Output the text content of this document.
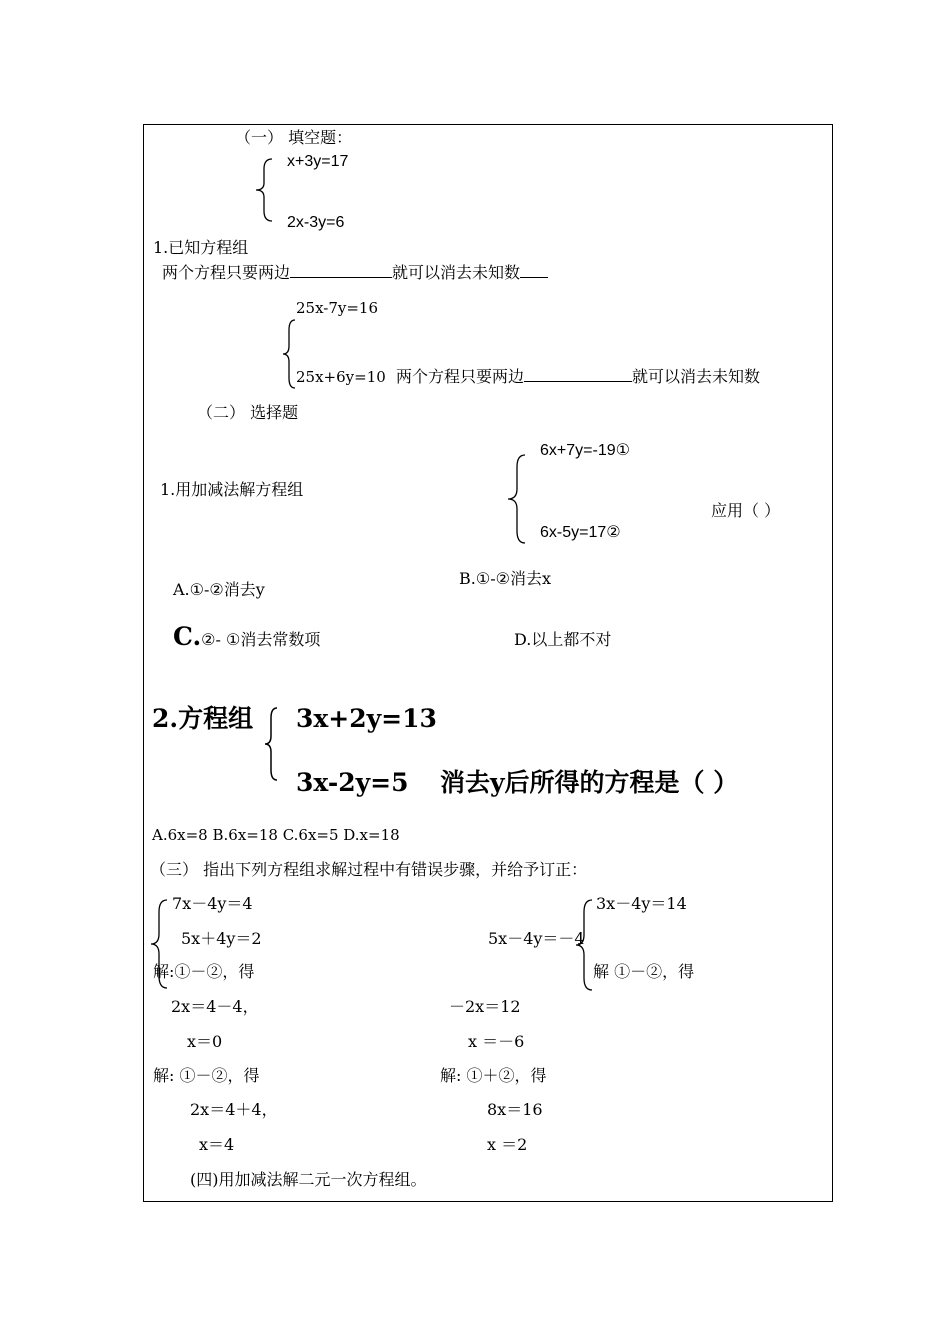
（一） 填空题：
x+3y=17
2x-3y=6
1.已知方程组
两个方程只要两边	就可以消去未知数
25x-7y=16
25x+6y=10 两个方程只要两边	就可以消去未知数
（二） 选择题
1.用加减法解方程组
6x+7y=-19①
6x-5y=17②
应用（ ）
A.①-②消去y
B.①-②消去x
C.②- ①消去常数项	D.以上都不对
2.方程组 3x+2y=13
3x-2y=5 消去y后所得的方程是（ ）
A.6x=8 B.6x=18 C.6x=5 D.x=18
（三） 指出下列方程组求解过程中有错误步骤，并给予订正：
7x－4y＝4
5x＋4y＝2
解:①－②，得
2x＝4－4，
x＝0
解: ①－②，得
2x＝4＋4，
x＝4
3x－4y＝14
5x－4y＝－4
解 ①－②，得
－2x＝12
x ＝－6
解: ①＋②，得
8x＝16
x ＝2
(四)用加减法解二元一次方程组。
